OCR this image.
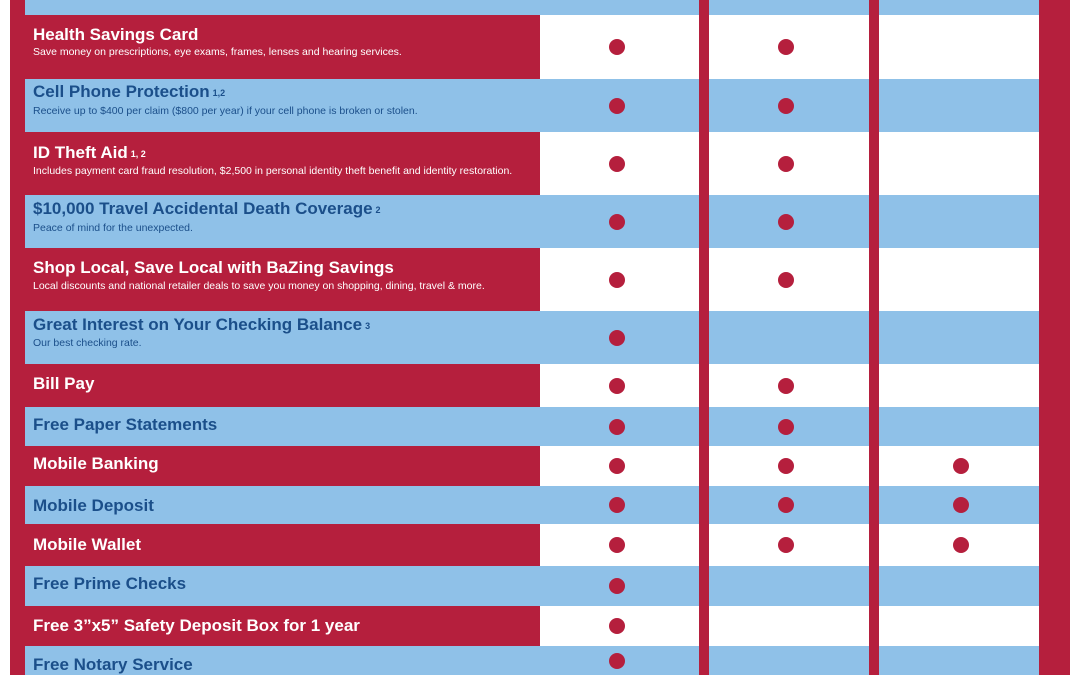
Health Savings Card
Save money on prescriptions, eye exams, frames, lenses and hearing services.
Cell Phone Protection $^{1,2}$
Receive up to $400 per claim ($800 per year) if your cell phone is broken or stolen.
ID Theft Aid $^{1, 2}$
Includes payment card fraud resolution, $2,500 in personal identity theft benefit and identity restoration.
$10,000 Travel Accidental Death Coverage $^2$
Peace of mind for the unexpected.
Shop Local, Save Local with BaZing Savings
Local discounts and national retailer deals to save you money on shopping, dining, travel & more.
Great Interest on Your Checking Balance $^3$
Our best checking rate.
Bill Pay
Free Paper Statements
Mobile Banking
Mobile Deposit
Mobile Wallet
Free Prime Checks
Free 3”x5” Safety Deposit Box for 1 year
Free Notary Service
